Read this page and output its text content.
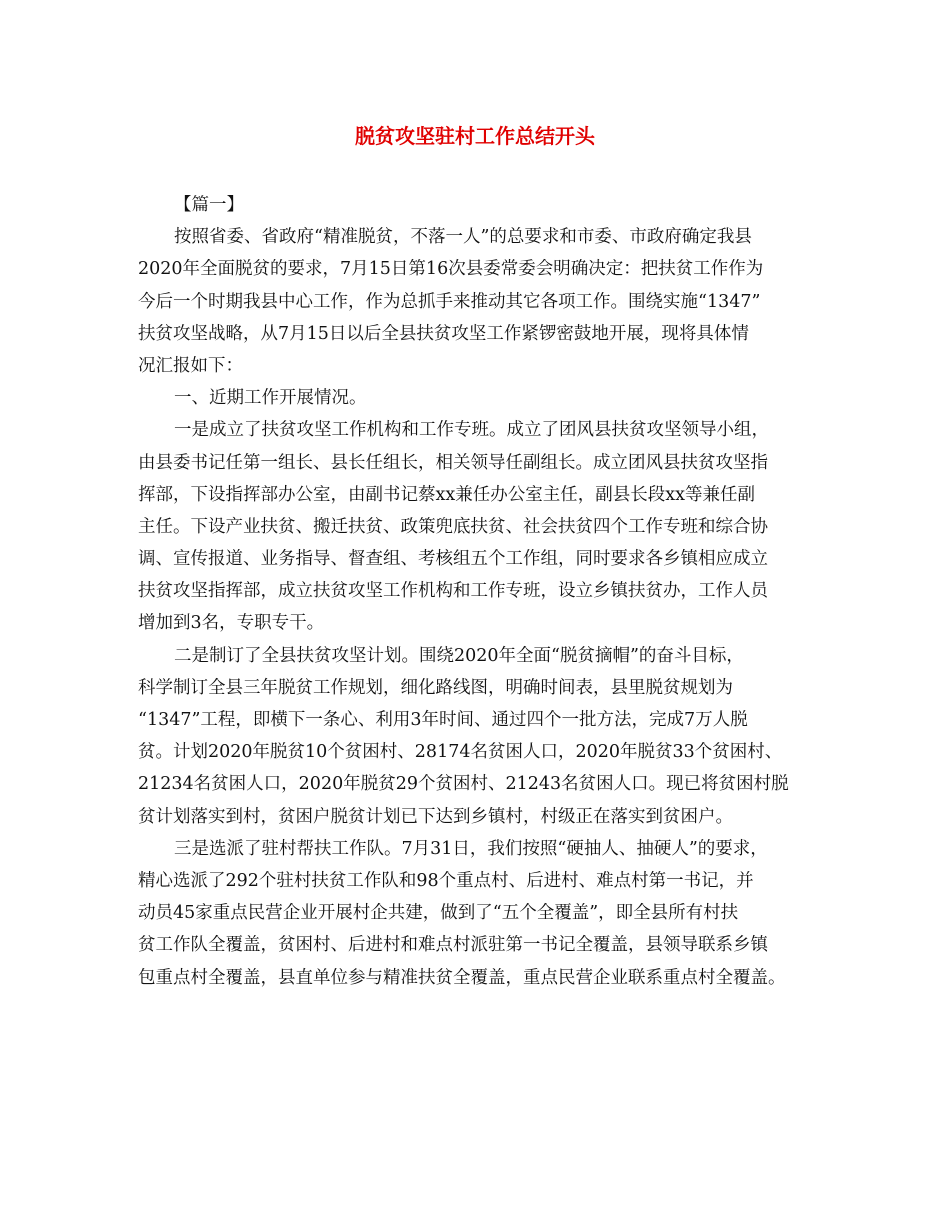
脱贫攻坚驻村工作总结开头
【篇一】
按照省委、省政府“精准脱贫，不落一人”的总要求和市委、市政府确定我县
2020年全面脱贫的要求，7月15日第16次县委常委会明确决定：把扶贫工作作为
今后一个时期我县中心工作，作为总抓手来推动其它各项工作。围绕实施“1347”
扶贫攻坚战略，从7月15日以后全县扶贫攻坚工作紧锣密鼓地开展，现将具体情
况汇报如下：
一、近期工作开展情况。
一是成立了扶贫攻坚工作机构和工作专班。成立了团风县扶贫攻坚领导小组，
由县委书记任第一组长、县长任组长，相关领导任副组长。成立团风县扶贫攻坚指
挥部，下设指挥部办公室，由副书记蔡xx兼任办公室主任，副县长段xx等兼任副
主任。下设产业扶贫、搬迁扶贫、政策兜底扶贫、社会扶贫四个工作专班和综合协
调、宣传报道、业务指导、督查组、考核组五个工作组，同时要求各乡镇相应成立
扶贫攻坚指挥部，成立扶贫攻坚工作机构和工作专班，设立乡镇扶贫办，工作人员
增加到3名，专职专干。
二是制订了全县扶贫攻坚计划。围绕2020年全面“脱贫摘帽”的奋斗目标，
科学制订全县三年脱贫工作规划，细化路线图，明确时间表，县里脱贫规划为
“1347”工程，即横下一条心、利用3年时间、通过四个一批方法，完成7万人脱
贫。计划2020年脱贫10个贫困村、28174名贫困人口，2020年脱贫33个贫困村、
21234名贫困人口，2020年脱贫29个贫困村、21243名贫困人口。现已将贫困村脱
贫计划落实到村，贫困户脱贫计划已下达到乡镇村，村级正在落实到贫困户。
三是选派了驻村帮扶工作队。7月31日，我们按照“硬抽人、抽硬人”的要求，
精心选派了292个驻村扶贫工作队和98个重点村、后进村、难点村第一书记，并
动员45家重点民营企业开展村企共建，做到了“五个全覆盖”，即全县所有村扶
贫工作队全覆盖，贫困村、后进村和难点村派驻第一书记全覆盖，县领导联系乡镇
包重点村全覆盖，县直单位参与精准扶贫全覆盖，重点民营企业联系重点村全覆盖。
